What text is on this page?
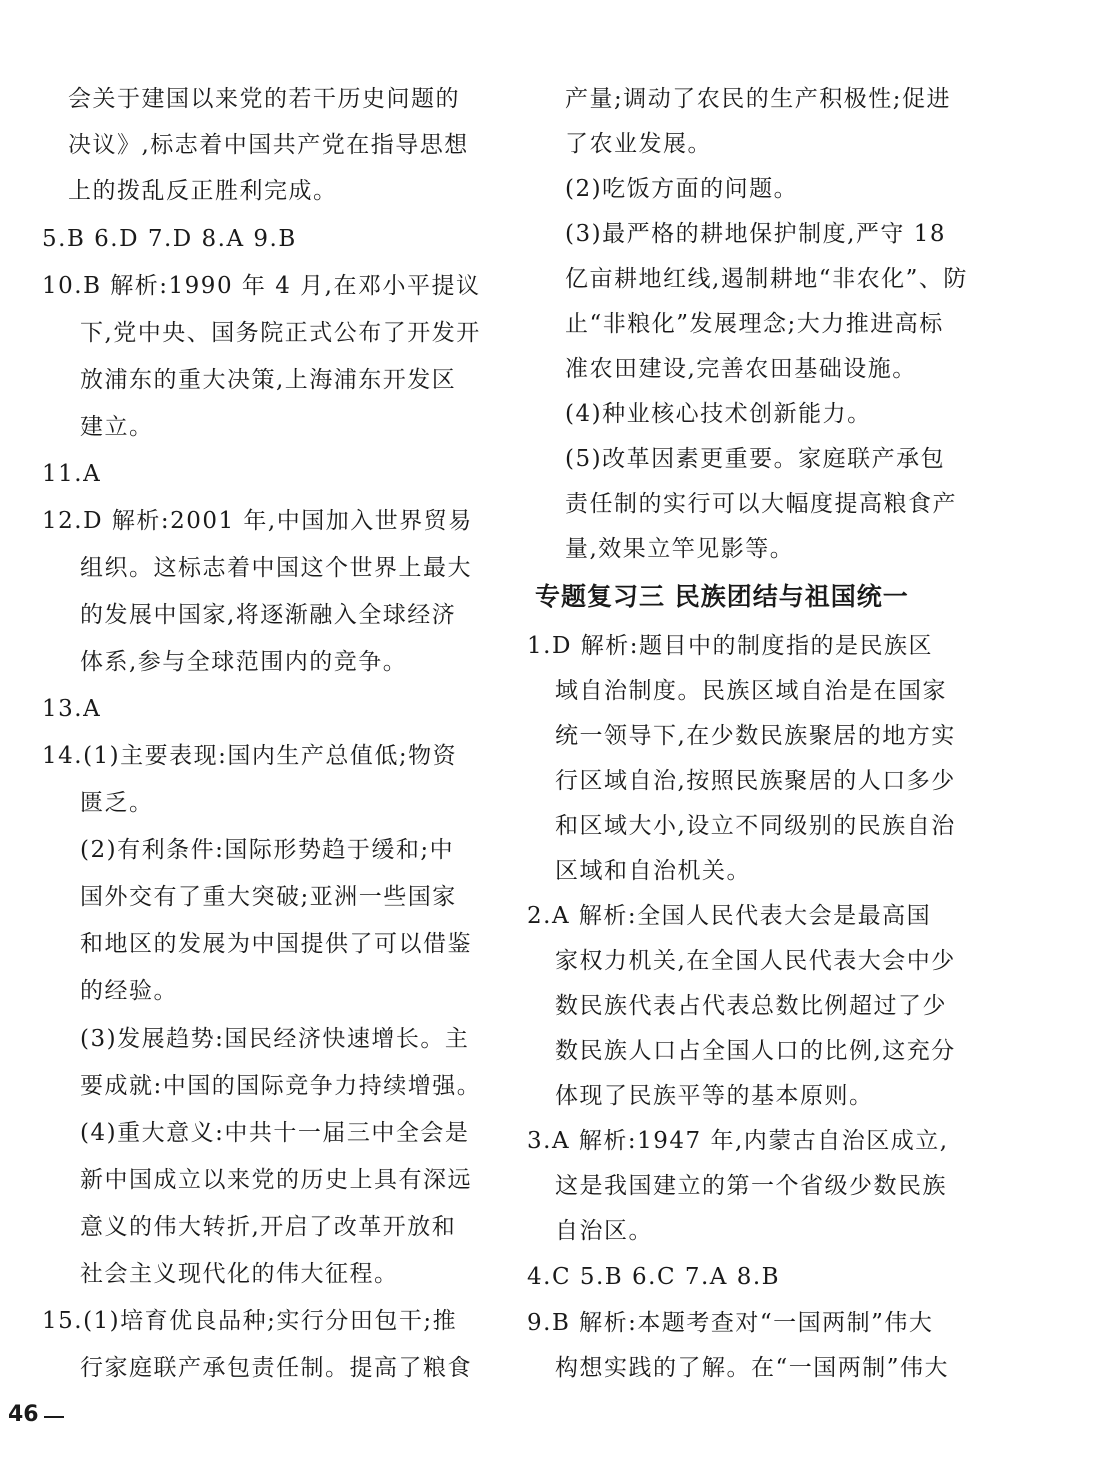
会关于建国以来党的若干历史问题的
决议》,标志着中国共产党在指导思想
上的拨乱反正胜利完成。
5.B 6.D 7.D 8.A 9.B
10.B 解析:1990 年 4 月,在邓小平提议
下,党中央、国务院正式公布了开发开
放浦东的重大决策,上海浦东开发区
建立。
11.A
12.D 解析:2001 年,中国加入世界贸易
组织。这标志着中国这个世界上最大
的发展中国家,将逐渐融入全球经济
体系,参与全球范围内的竞争。
13.A
14.(1)主要表现:国内生产总值低;物资
匮乏。
(2)有利条件:国际形势趋于缓和;中
国外交有了重大突破;亚洲一些国家
和地区的发展为中国提供了可以借鉴
的经验。
(3)发展趋势:国民经济快速增长。主
要成就:中国的国际竞争力持续增强。
(4)重大意义:中共十一届三中全会是
新中国成立以来党的历史上具有深远
意义的伟大转折,开启了改革开放和
社会主义现代化的伟大征程。
15.(1)培育优良品种;实行分田包干;推
行家庭联产承包责任制。提高了粮食
产量;调动了农民的生产积极性;促进
了农业发展。
(2)吃饭方面的问题。
(3)最严格的耕地保护制度,严守 18
亿亩耕地红线,遏制耕地“非农化”、防
止“非粮化”发展理念;大力推进高标
准农田建设,完善农田基础设施。
(4)种业核心技术创新能力。
(5)改革因素更重要。家庭联产承包
责任制的实行可以大幅度提高粮食产
量,效果立竿见影等。
专题复习三 民族团结与祖国统一
1.D 解析:题目中的制度指的是民族区
域自治制度。民族区域自治是在国家
统一领导下,在少数民族聚居的地方实
行区域自治,按照民族聚居的人口多少
和区域大小,设立不同级别的民族自治
区域和自治机关。
2.A 解析:全国人民代表大会是最高国
家权力机关,在全国人民代表大会中少
数民族代表占代表总数比例超过了少
数民族人口占全国人口的比例,这充分
体现了民族平等的基本原则。
3.A 解析:1947 年,内蒙古自治区成立,
这是我国建立的第一个省级少数民族
自治区。
4.C 5.B 6.C 7.A 8.B
9.B 解析:本题考查对“一国两制”伟大
构想实践的了解。在“一国两制”伟大
46
